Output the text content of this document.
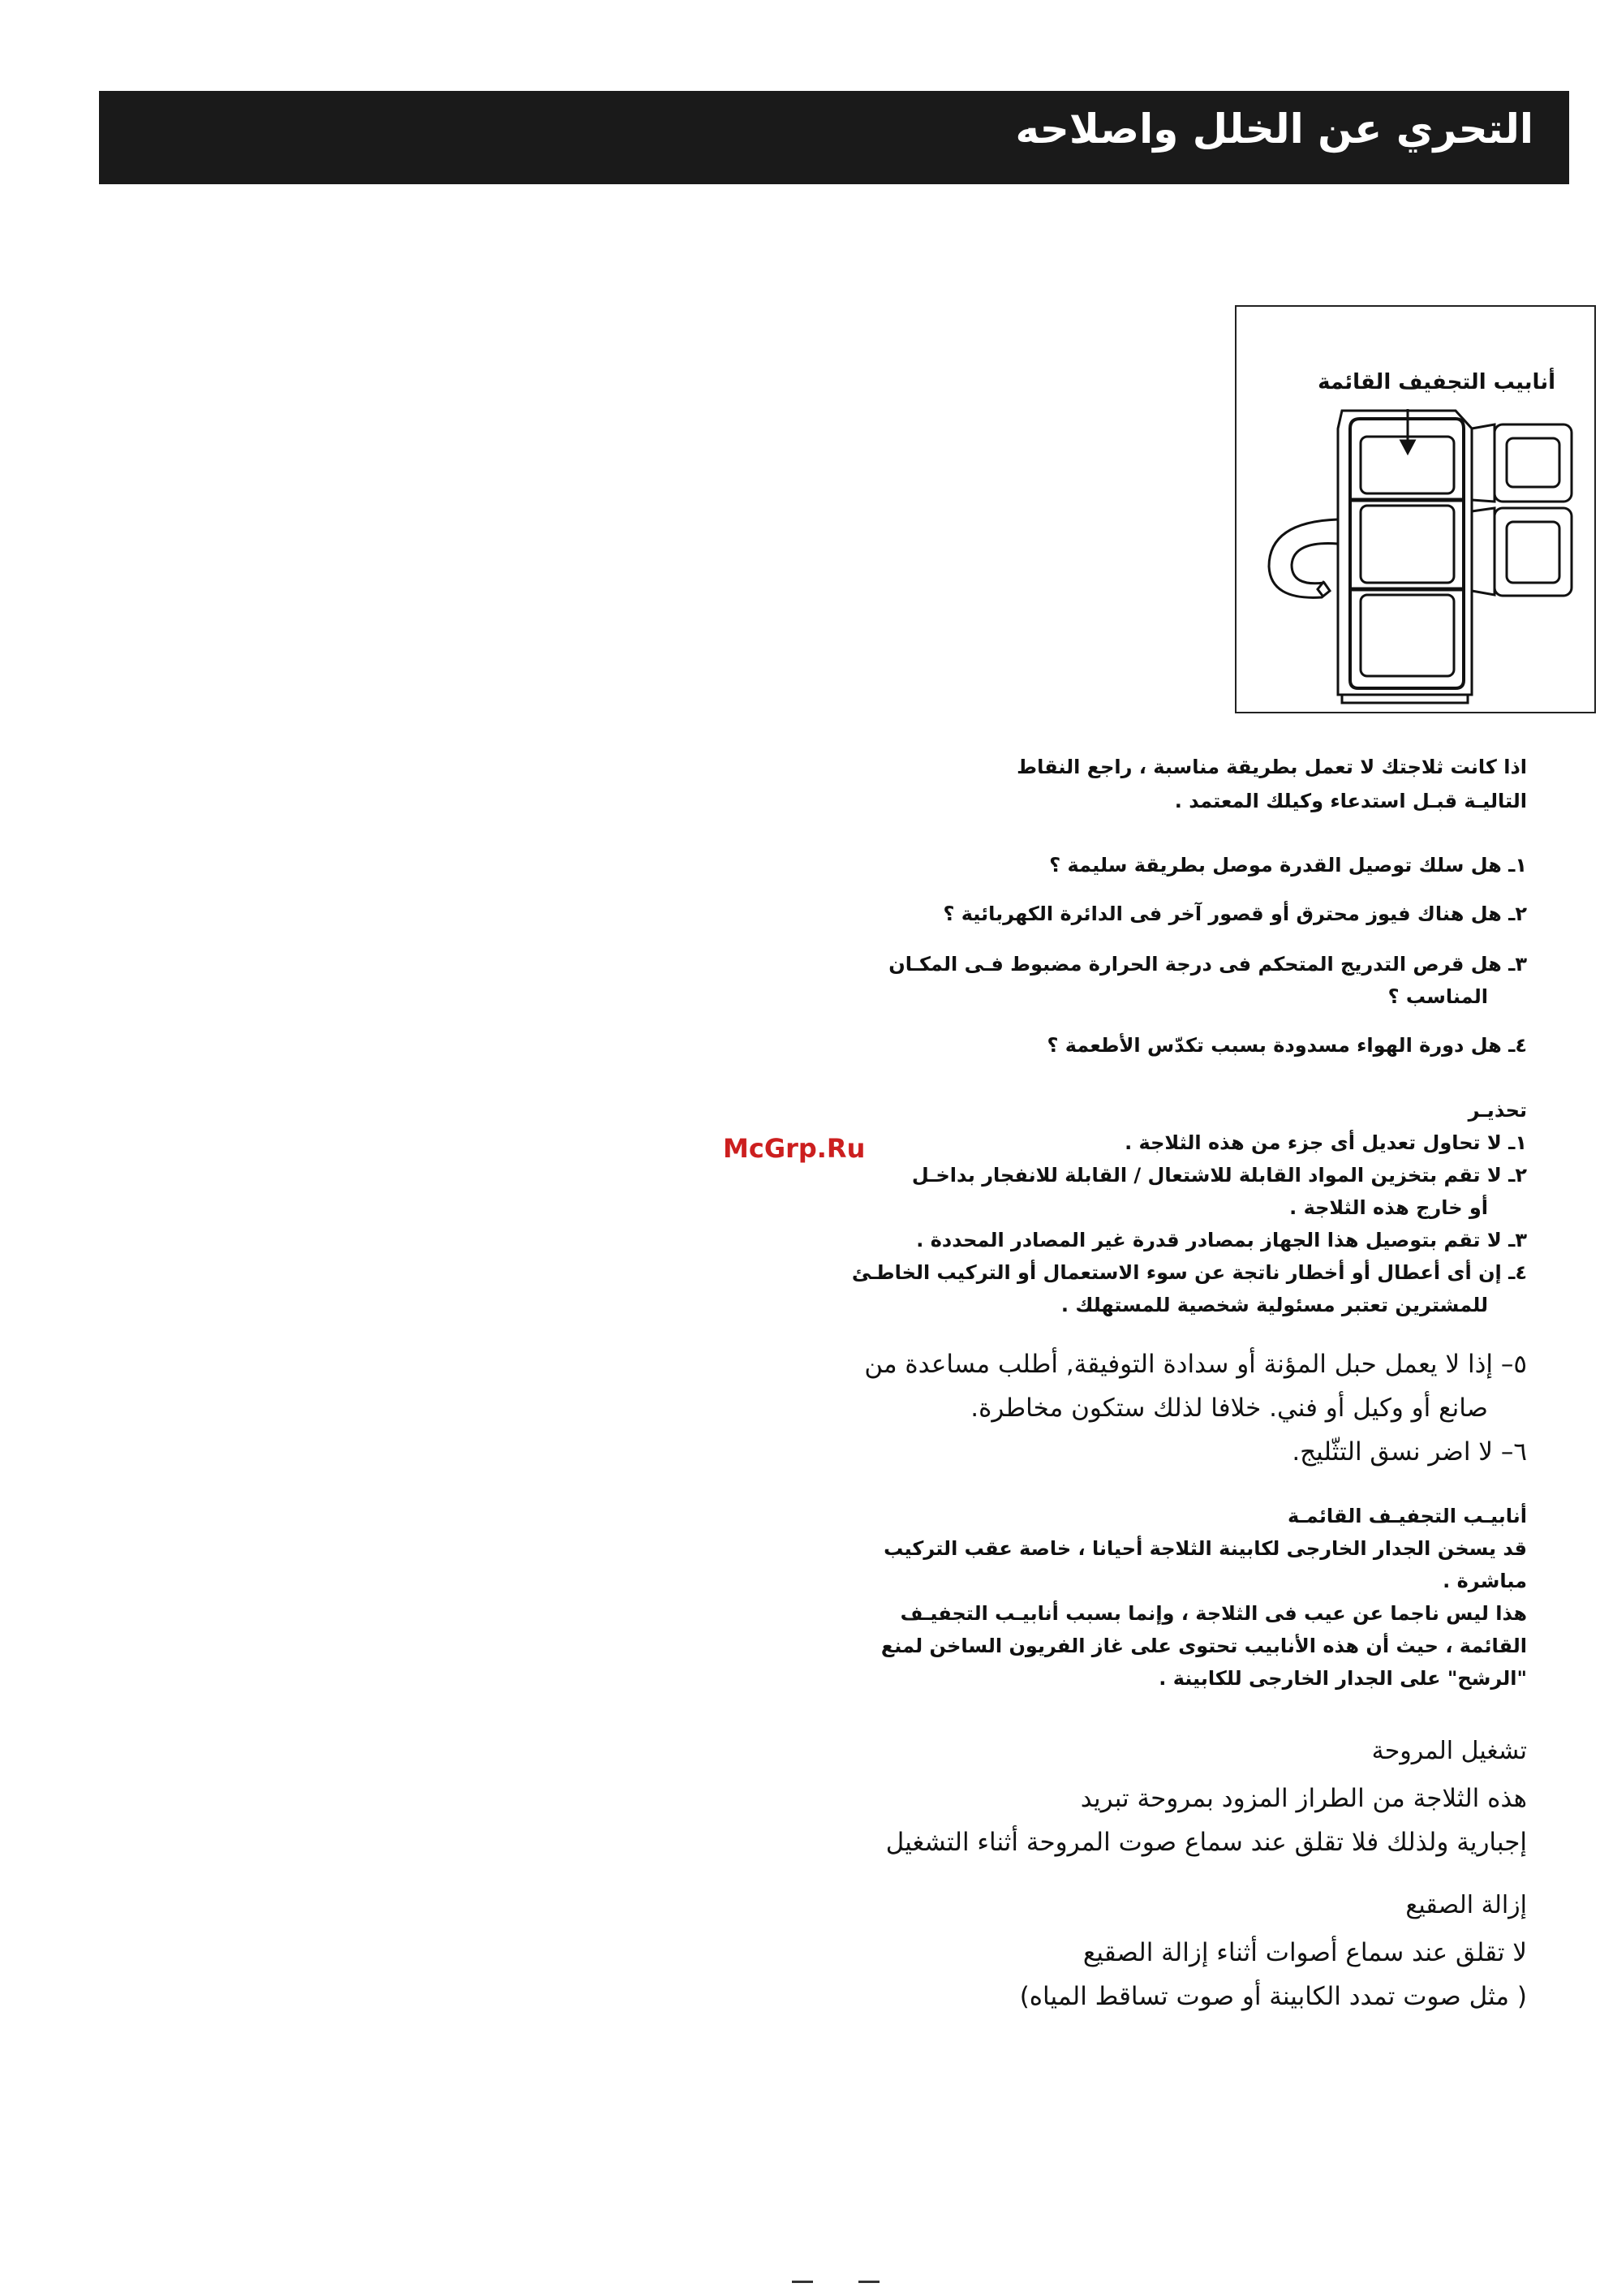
التحري عن الخلل واصلاحه
أنابيب التجفيف القائمة

اذا كانت ثلاجتك لا تعمل بطريقة مناسبة ، راجع النقاط

التاليـة قبـل استدعاء وكيلك المعتمد .

١ـ هل سلك توصيل القدرة موصل بطريقة سليمة ؟

٢ـ هل هناك فيوز محترق أو قصور آخر فى الدائرة الكهربائية ؟

٣ـ هل قرص التدريج المتحكم فى درجة الحرارة مضبوط فـى المكـان

المناسب ؟

٤ـ هل دورة الهواء مسدودة بسبب تكدّس الأطعمة ؟

تحذيـر

١ـ لا تحاول تعديل أى جزء من هذه الثلاجة .

٢ـ لا تقم بتخزين المواد القابلة للاشتعال / القابلة للانفجار بداخـل

أو خارج هذه الثلاجة .

٣ـ لا تقم بتوصيل هذا الجهاز بمصادر قدرة غير المصادر المحددة .

٤ـ إن أى أعطال أو أخطار ناتجة عن سوء الاستعمال أو التركيب الخاطـئ

للمشترين تعتبر مسئولية شخصية للمستهلك .

٥– إذا لا يعمل حبل المؤنة أو سدادة التوفيقة, أطلب مساعدة من

صانع أو وكيل أو فني. خلافا لذلك ستكون مخاطرة.

٦– لا اضر نسق التثّليج.

أنابيـب التجفيـف القائمـة

قد يسخن الجدار الخارجى لكابينة الثلاجة أحيانا ، خاصة عقب التركيب

مباشرة .

هذا ليس ناجما عن عيب فى الثلاجة ، وإنما بسبب أنابيـب التجفيـف

القائمة ، حيث أن هذه الأنابيب تحتوى على غاز الفريون الساخن لمنع

"الرشح" على الجدار الخارجى للكابينة .

تشغيل المروحة

هذه الثلاجة من الطراز المزود بمروحة تبريد

إجبارية ولذلك فلا تقلق عند سماع صوت المروحة أثناء التشغيل

إزالة الصقيع

لا تقلق عند سماع أصوات أثناء إزالة الصقيع

( مثل صوت تمدد الكابينة أو صوت تساقط المياه)

McGrp.Ru
